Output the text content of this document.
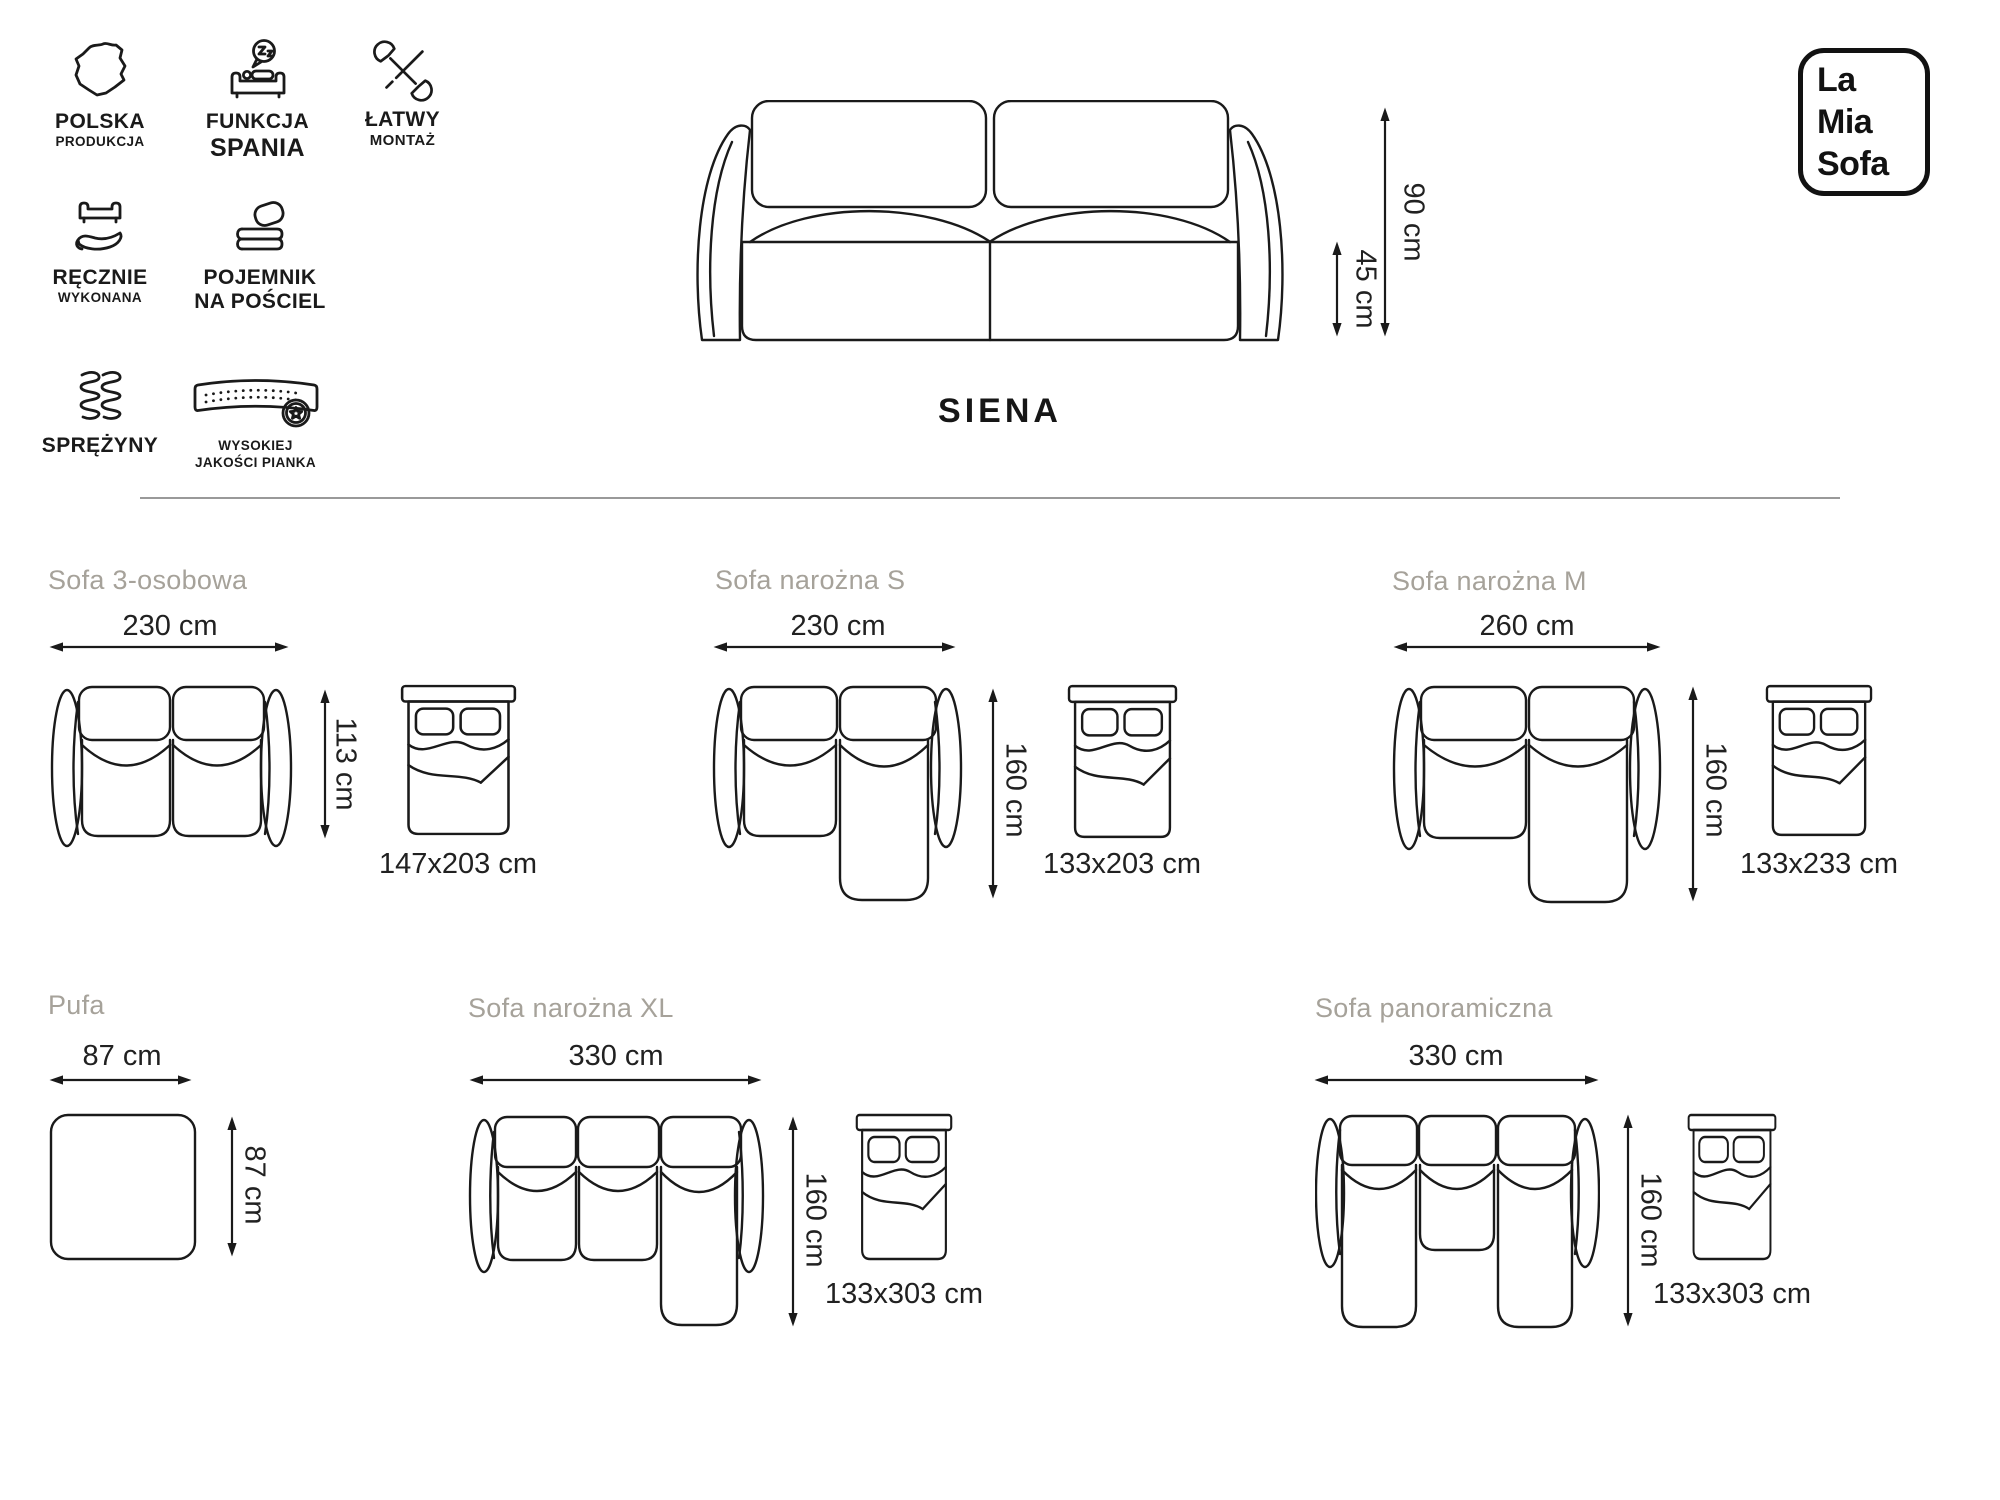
POLSKA
PRODUKCJA
FUNKCJA
SPANIA
ŁATWY
MONTAŻ
RĘCZNIE
WYKONANA
POJEMNIK
NA POŚCIEL
SPRĘŻYNY	WYSOKIEJ
JAKOŚCI PIANKA
90 cm
45 cm
SIENA
La
Mia
Sofa
Sofa 3-osobowa
230 cm
113 cm
147x203 cm
Sofa narożna S
230 cm
160 cm
133x203 cm
Sofa narożna M
260 cm
160 cm
133x233 cm
Pufa
87 cm
87 cm
Sofa narożna XL
330 cm
160 cm
133x303 cm
Sofa panoramiczna
330 cm
160 cm
133x303 cm
